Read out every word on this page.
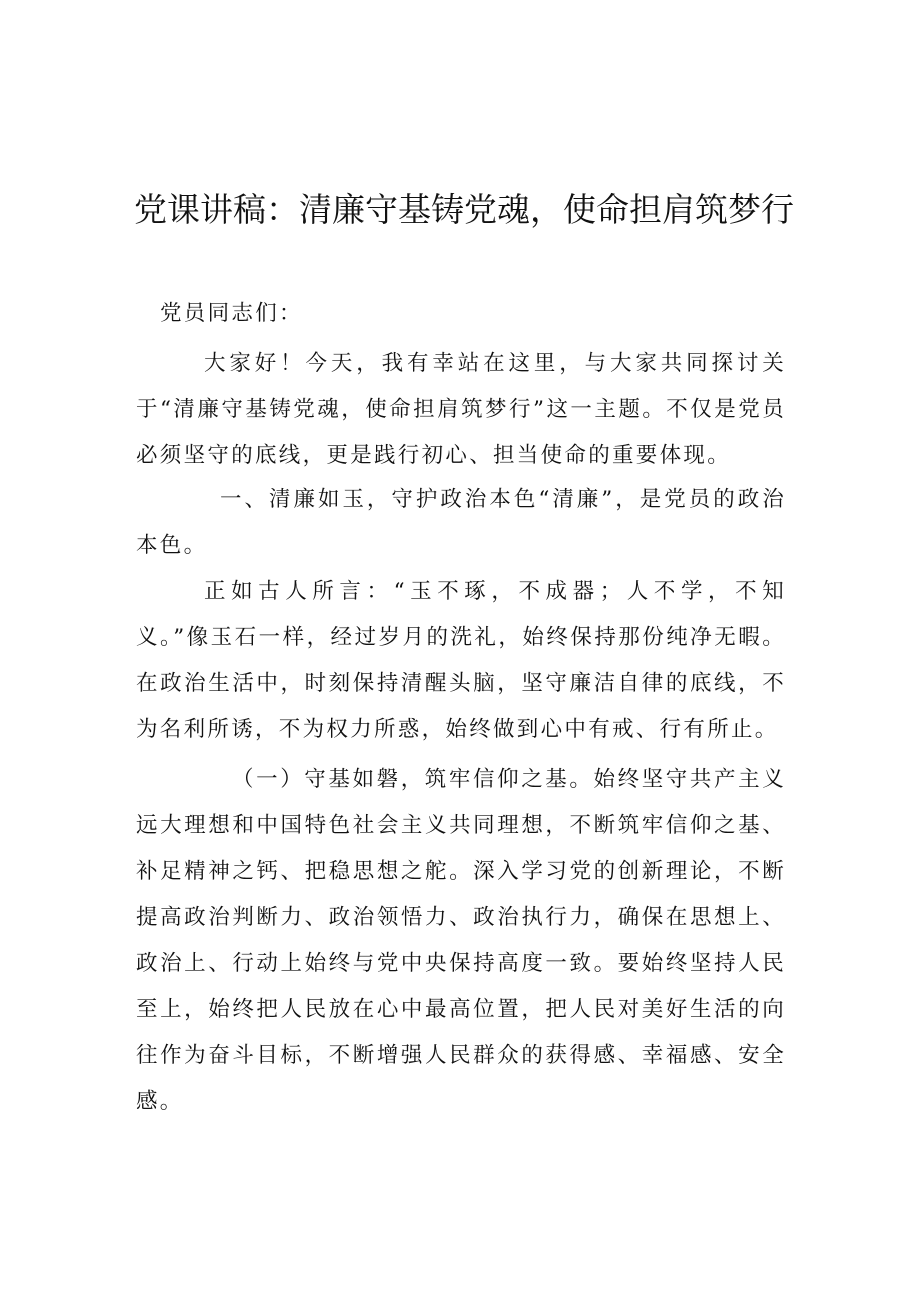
党课讲稿：清廉守基铸党魂，使命担肩筑梦行
党员同志们：
大家好！今天，我有幸站在这里，与大家共同探讨关于“清廉守基铸党魂，使命担肩筑梦行”这一主题。不仅是党员必须坚守的底线，更是践行初心、担当使命的重要体现。
一、清廉如玉，守护政治本色“清廉”，是党员的政治本色。
正如古人所言：“玉不琢，不成器；人不学，不知义。”像玉石一样，经过岁月的洗礼，始终保持那份纯净无暇。在政治生活中，时刻保持清醒头脑，坚守廉洁自律的底线，不为名利所诱，不为权力所惑，始终做到心中有戒、行有所止。
（一）守基如磐，筑牢信仰之基。始终坚守共产主义远大理想和中国特色社会主义共同理想，不断筑牢信仰之基、补足精神之钙、把稳思想之舵。深入学习党的创新理论，不断提高政治判断力、政治领悟力、政治执行力，确保在思想上、政治上、行动上始终与党中央保持高度一致。要始终坚持人民至上，始终把人民放在心中最高位置，把人民对美好生活的向往作为奋斗目标，不断增强人民群众的获得感、幸福感、安全感。
